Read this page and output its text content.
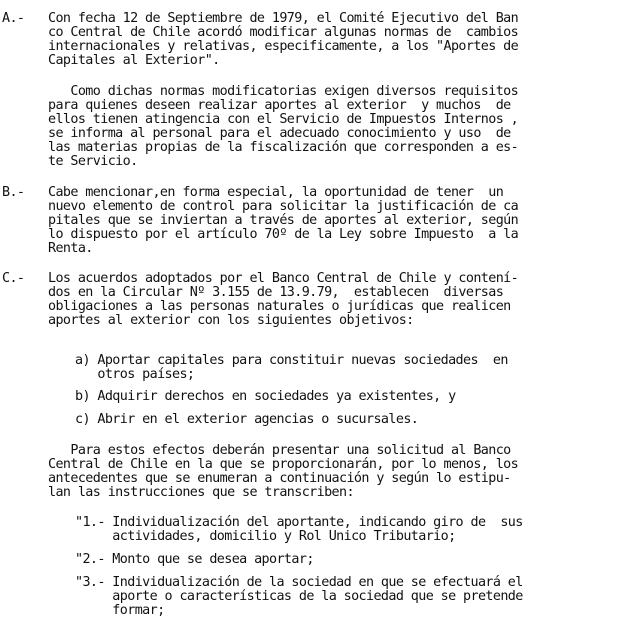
A.- Con fecha 12 de Septiembre de 1979, el Comité Ejecutivo del Ban
co Central de Chile acordó modificar algunas normas de  cambios
internacionales y relativas, especificamente, a los "Aportes de
Capitales al Exterior".
Como dichas normas modificatorias exigen diversos requisitos
para quienes deseen realizar aportes al exterior  y muchos  de
ellos tienen atingencia con el Servicio de Impuestos Internos ,
se informa al personal para el adecuado conocimiento y uso  de
las materias propias de la fiscalización que corresponden a es-
te Servicio.
B.- Cabe mencionar,en forma especial, la oportunidad de tener  un
nuevo elemento de control para solicitar la justificación de ca
pitales que se inviertan a través de aportes al exterior, según
lo dispuesto por el artículo 70º de la Ley sobre Impuesto  a la
Renta.
C.- Los acuerdos adoptados por el Banco Central de Chile y contení-
dos en la Circular Nº 3.155 de 13.9.79,  establecen  diversas
obligaciones a las personas naturales o jurídicas que realicen
aportes al exterior con los siguientes objetivos:
a) Aportar capitales para constituir nuevas sociedades  en
otros países;
b) Adquirir derechos en sociedades ya existentes, y
c) Abrir en el exterior agencias o sucursales.
Para estos efectos deberán presentar una solicitud al Banco
Central de Chile en la que se proporcionarán, por lo menos, los
antecedentes que se enumeran a continuación y según lo estipu-
lan las instrucciones que se transcriben:
"1.- Individualización del aportante, indicando giro de  sus
actividades, domicilio y Rol Unico Tributario;
"2.- Monto que se desea aportar;
"3.- Individualización de la sociedad en que se efectuará el
aporte o características de la sociedad que se pretende
formar;
